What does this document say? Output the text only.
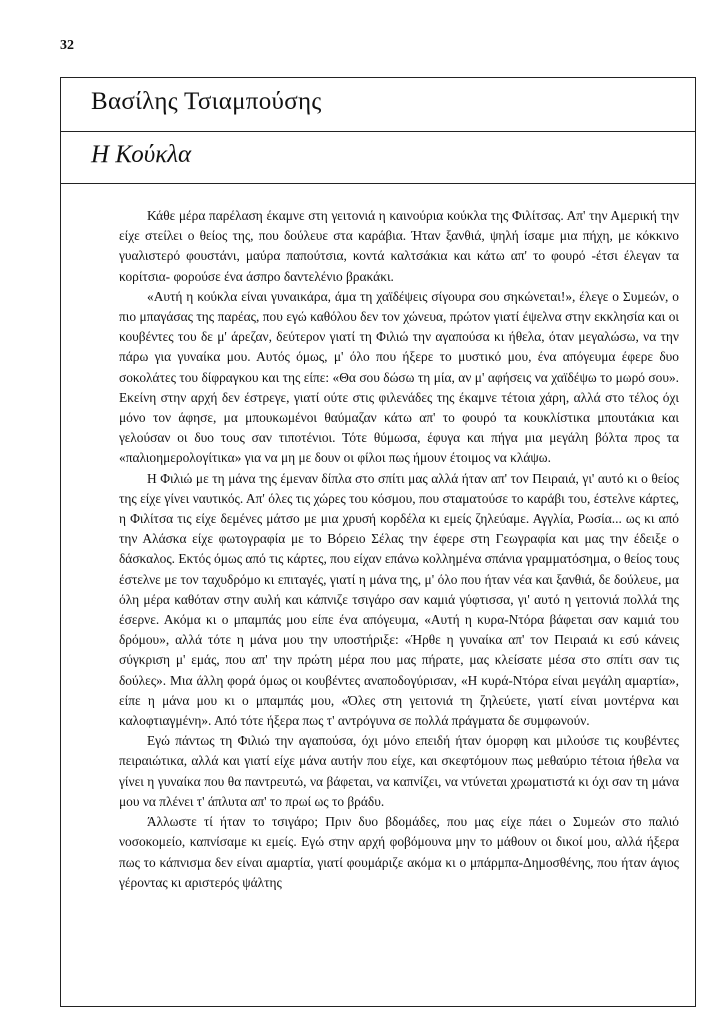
32
Βασίλης Τσιαμπούσης
Η Κούκλα

Κάθε μέρα παρέλαση έκαμνε στη γειτονιά η καινούρια κούκλα της Φιλίτσας. Απ' την Αμερική την είχε στείλει ο θείος της, που δούλευε στα καράβια. Ήταν ξανθιά, ψηλή ίσαμε μια πήχη, με κόκκινο γυαλιστερό φουστάνι, μαύρα παπούτσια, κοντά καλτσάκια και κάτω απ' το φουρό -έτσι έλεγαν τα κορίτσια- φορούσε ένα άσπρο δαντελένιο βρακάκι.

«Αυτή η κούκλα είναι γυναικάρα, άμα τη χαϊδέψεις σίγουρα σου σηκώνεται!», έλεγε ο Συμεών, ο πιο μπαγάσας της παρέας, που εγώ καθόλου δεν τον χώνευα, πρώτον γιατί έψελνα στην εκκλησία και οι κουβέντες του δε μ' άρεζαν, δεύτερον γιατί τη Φιλιώ την αγαπούσα κι ήθελα, όταν μεγαλώσω, να την πάρω για γυναίκα μου. Αυτός όμως, μ' όλο που ήξερε το μυστικό μου, ένα απόγευμα έφερε δυο σοκολάτες του δίφραγκου και της είπε: «Θα σου δώσω τη μία, αν μ' αφήσεις να χαϊδέψω το μωρό σου». Εκείνη στην αρχή δεν έστρεγε, γιατί ούτε στις φιλενάδες της έκαμνε τέτοια χάρη, αλλά στο τέλος όχι μόνο τον άφησε, μα μπουκωμένοι θαύμαζαν κάτω απ' το φουρό τα κουκλίστικα μπουτάκια και γελούσαν οι δυο τους σαν τιποτένιοι. Τότε θύμωσα, έφυγα και πήγα μια μεγάλη βόλτα προς τα «παλιοημερολογίτικα» για να μη με δουν οι φίλοι πως ήμουν έτοιμος να κλάψω.

Η Φιλιώ με τη μάνα της έμεναν δίπλα στο σπίτι μας αλλά ήταν απ' τον Πειραιά, γι' αυτό κι ο θείος της είχε γίνει ναυτικός. Απ' όλες τις χώρες του κόσμου, που σταματούσε το καράβι του, έστελνε κάρτες, η Φιλίτσα τις είχε δεμένες μάτσο με μια χρυσή κορδέλα κι εμείς ζηλεύαμε. Αγγλία, Ρωσία... ως κι από την Αλάσκα είχε φωτογραφία με το Βόρειο Σέλας την έφερε στη Γεωγραφία και μας την έδειξε ο δάσκαλος. Εκτός όμως από τις κάρτες, που είχαν επάνω κολλημένα σπάνια γραμματόσημα, ο θείος τους έστελνε με τον ταχυδρόμο κι επιταγές, γιατί η μάνα της, μ' όλο που ήταν νέα και ξανθιά, δε δούλευε, μα όλη μέρα καθόταν στην αυλή και κάπνιζε τσιγάρο σαν καμιά γύφτισσα, γι' αυτό η γειτονιά πολλά της έσερνε. Ακόμα κι ο μπαμπάς μου είπε ένα απόγευμα, «Αυτή η κυρα-Ντόρα βάφεται σαν καμιά του δρόμου», αλλά τότε η μάνα μου την υποστήριξε: «Ήρθε η γυναίκα απ' τον Πειραιά κι εσύ κάνεις σύγκριση μ' εμάς, που απ' την πρώτη μέρα που μας πήρατε, μας κλείσατε μέσα στο σπίτι σαν τις δούλες». Μια άλλη φορά όμως οι κουβέντες αναποδογύρισαν, «Η κυρά-Ντόρα είναι μεγάλη αμαρτία», είπε η μάνα μου κι ο μπαμπάς μου, «Όλες στη γειτονιά τη ζηλεύετε, γιατί είναι μοντέρνα και καλοφτιαγμένη». Από τότε ήξερα πως τ' αντρόγυνα σε πολλά πράγματα δε συμφωνούν.

Εγώ πάντως τη Φιλιώ την αγαπούσα, όχι μόνο επειδή ήταν όμορφη και μιλούσε τις κουβέντες πειραιώτικα, αλλά και γιατί είχε μάνα αυτήν που είχε, και σκεφτόμουν πως μεθαύριο τέτοια ήθελα να γίνει η γυναίκα που θα παντρευτώ, να βάφεται, να καπνίζει, να ντύνεται χρωματιστά κι όχι σαν τη μάνα μου να πλένει τ' άπλυτα απ' το πρωί ως το βράδυ.

Άλλωστε τί ήταν το τσιγάρο; Πριν δυο βδομάδες, που μας είχε πάει ο Συμεών στο παλιό νοσοκομείο, καπνίσαμε κι εμείς. Εγώ στην αρχή φοβόμουνα μην το μάθουν οι δικοί μου, αλλά ήξερα πως το κάπνισμα δεν είναι αμαρτία, γιατί φουμάριζε ακόμα κι ο μπάρμπα-Δημοσθένης, που ήταν άγιος γέροντας κι αριστερός ψάλτης
